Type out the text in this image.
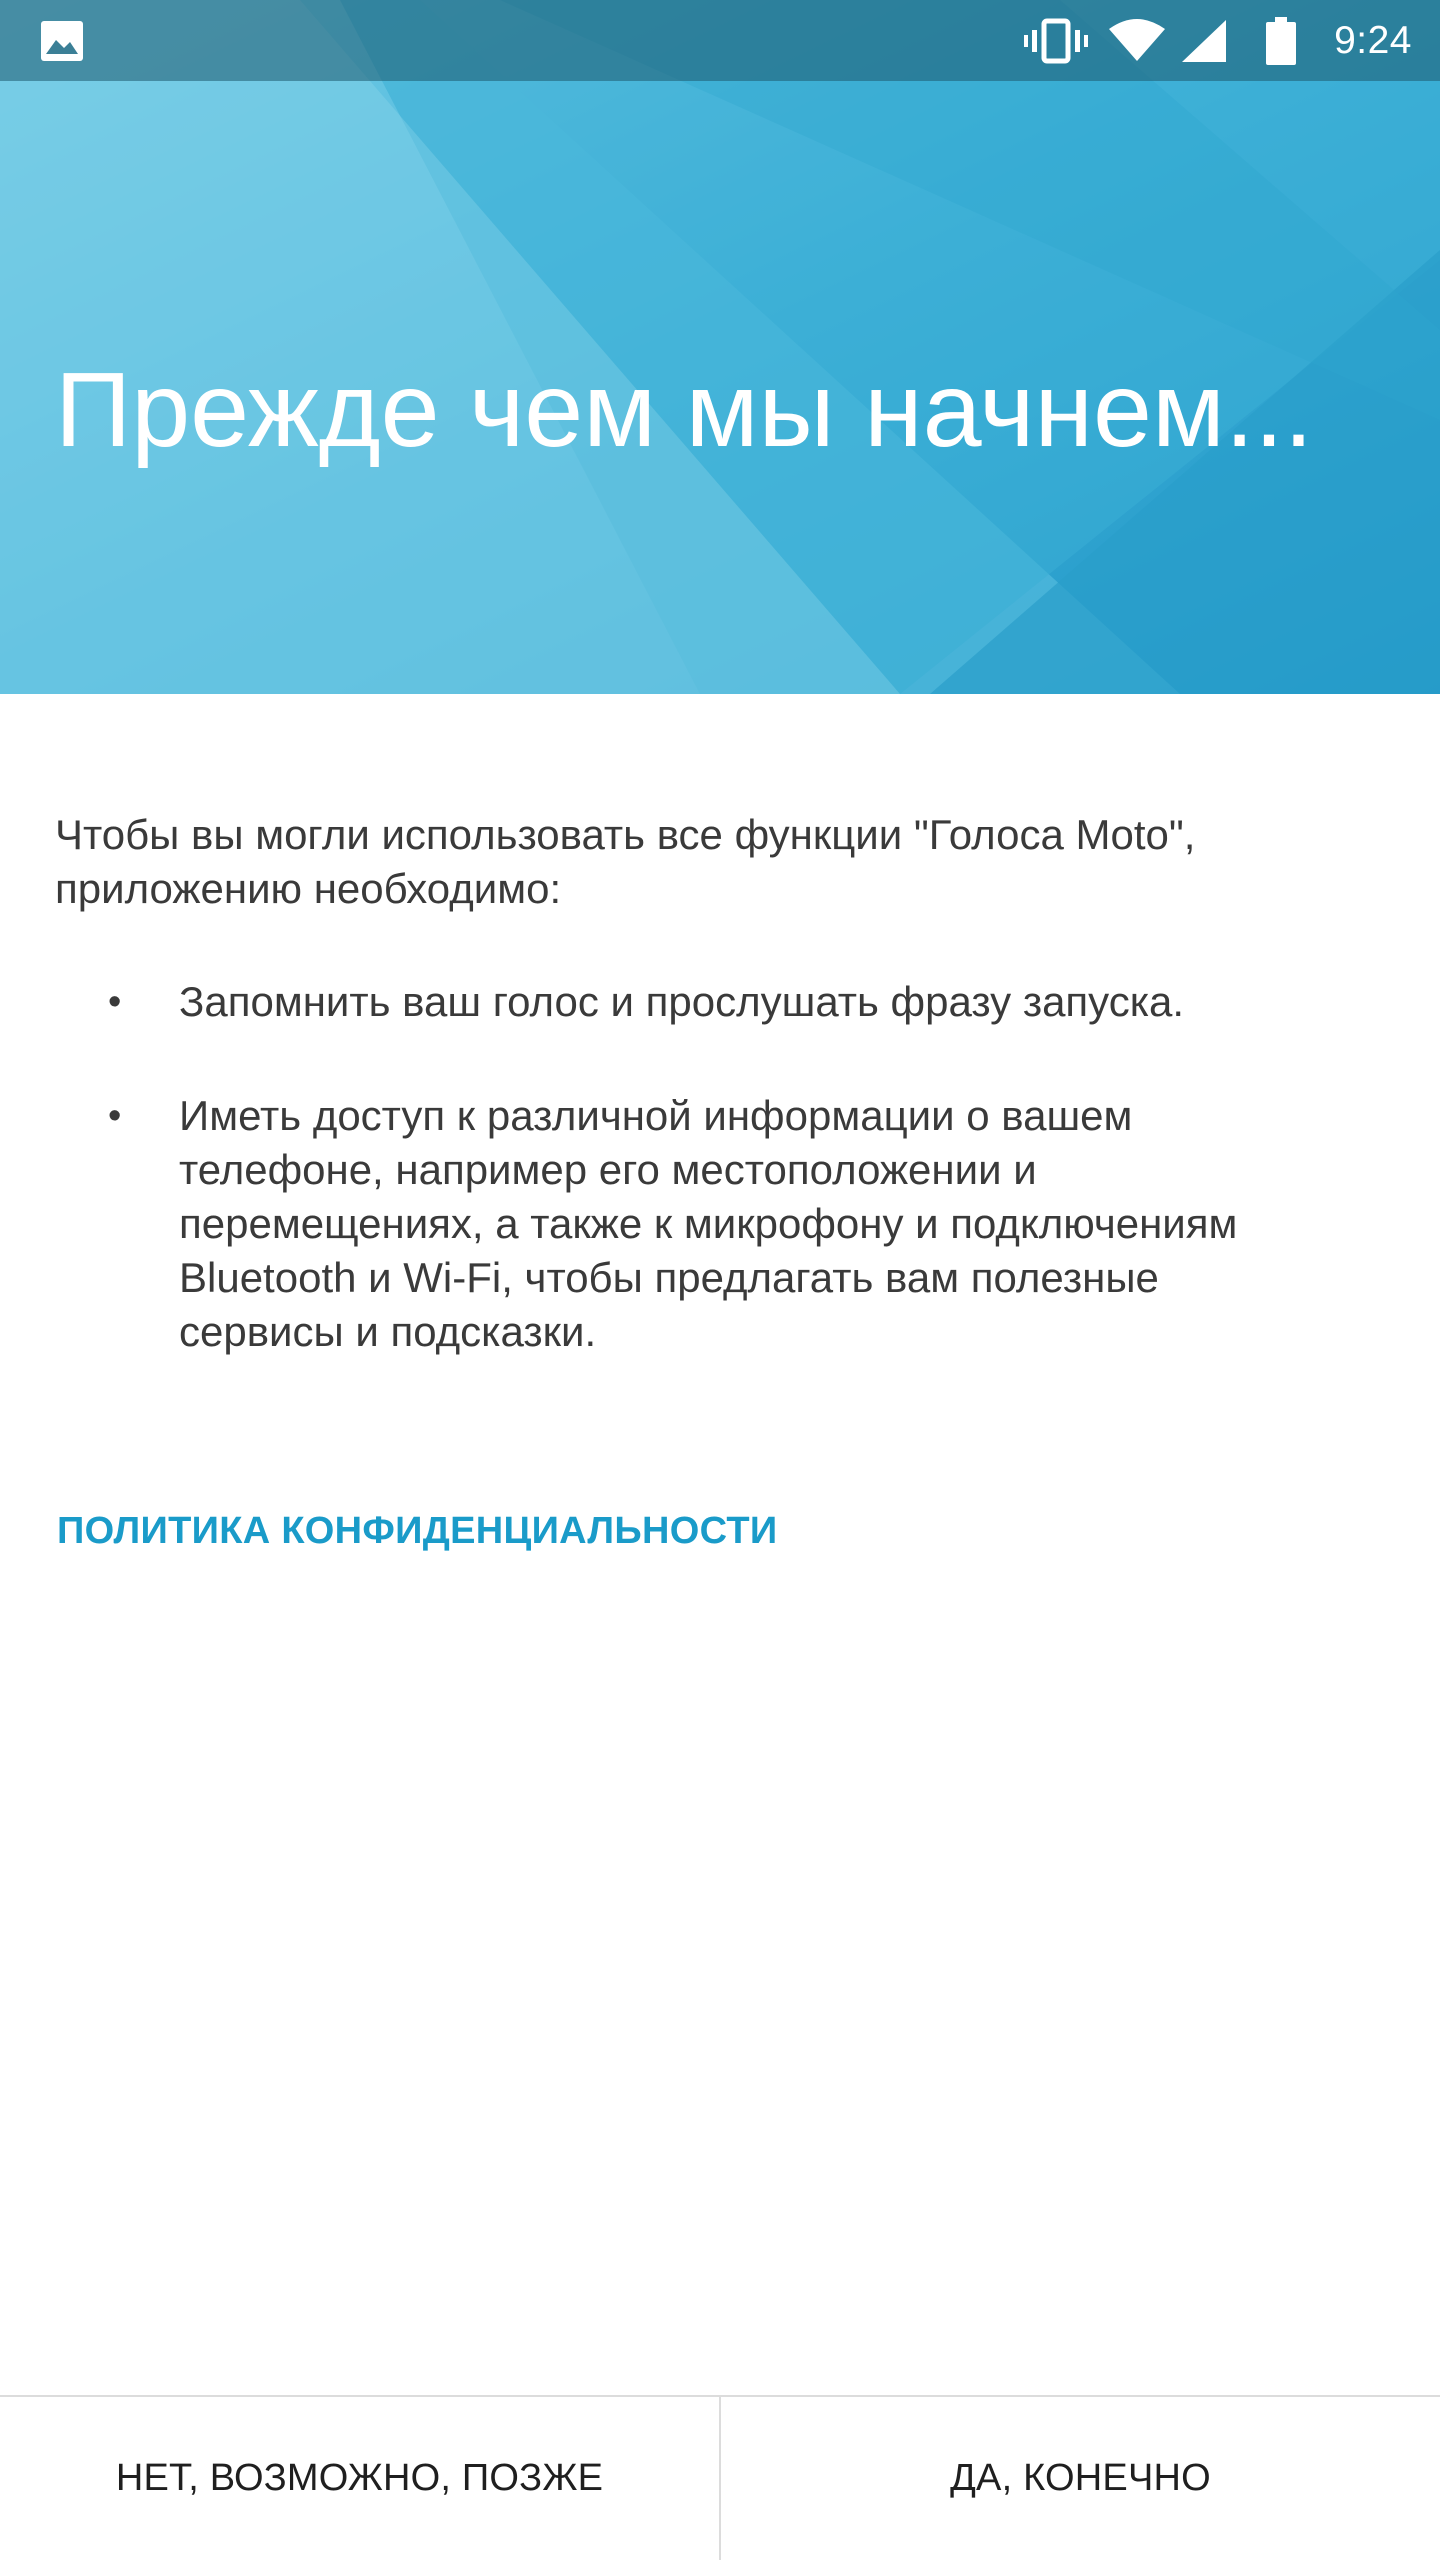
9:24
Прежде чем мы начнем...
Чтобы вы могли использовать все функции "Голоса Moto", приложению необходимо:
• Запомнить ваш голос и прослушать фразу запуска.
• Иметь доступ к различной информации о вашем телефоне, например его местоположении и перемещениях, а также к микрофону и подключениям Bluetooth и Wi-Fi, чтобы предлагать вам полезные сервисы и подсказки.
ПОЛИТИКА КОНФИДЕНЦИАЛЬНОСТИ
НЕТ, ВОЗМОЖНО, ПОЗЖЕ	ДА, КОНЕЧНО
